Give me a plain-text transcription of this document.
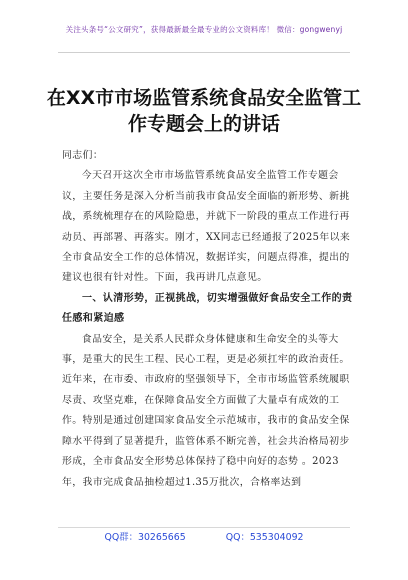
关注头条号“公文研究”，获得最新最全最专业的公文资料库！ 微信：gongwenyj
在XX市市场监管系统食品安全监管工作专题会上的讲话

同志们：

今天召开这次全市市场监管系统食品安全监管工作专题会议，主要任务是深入分析当前我市食品安全面临的新形势、新挑战，系统梳理存在的风险隐患，并就下一阶段的重点工作进行再动员、再部署、再落实。刚才，XX同志已经通报了2025年以来全市食品安全工作的总体情况，数据详实，问题点得准，提出的建议也很有针对性。下面，我再讲几点意见。

一、认清形势，正视挑战，切实增强做好食品安全工作的责任感和紧迫感

食品安全，是关系人民群众身体健康和生命安全的头等大事，是重大的民生工程、民心工程，更是必须扛牢的政治责任。近年来，在市委、市政府的坚强领导下，全市市场监管系统履职尽责、攻坚克难，在保障食品安全方面做了大量卓有成效的工作。特别是通过创建国家食品安全示范城市，我市的食品安全保障水平得到了显著提升，监管体系不断完善，社会共治格局初步形成，全市食品安全形势总体保持了稳中向好的态势 。2023年，我市完成食品抽检超过1.35万批次，合格率达到

QQ群：30265665	QQ：535304092
